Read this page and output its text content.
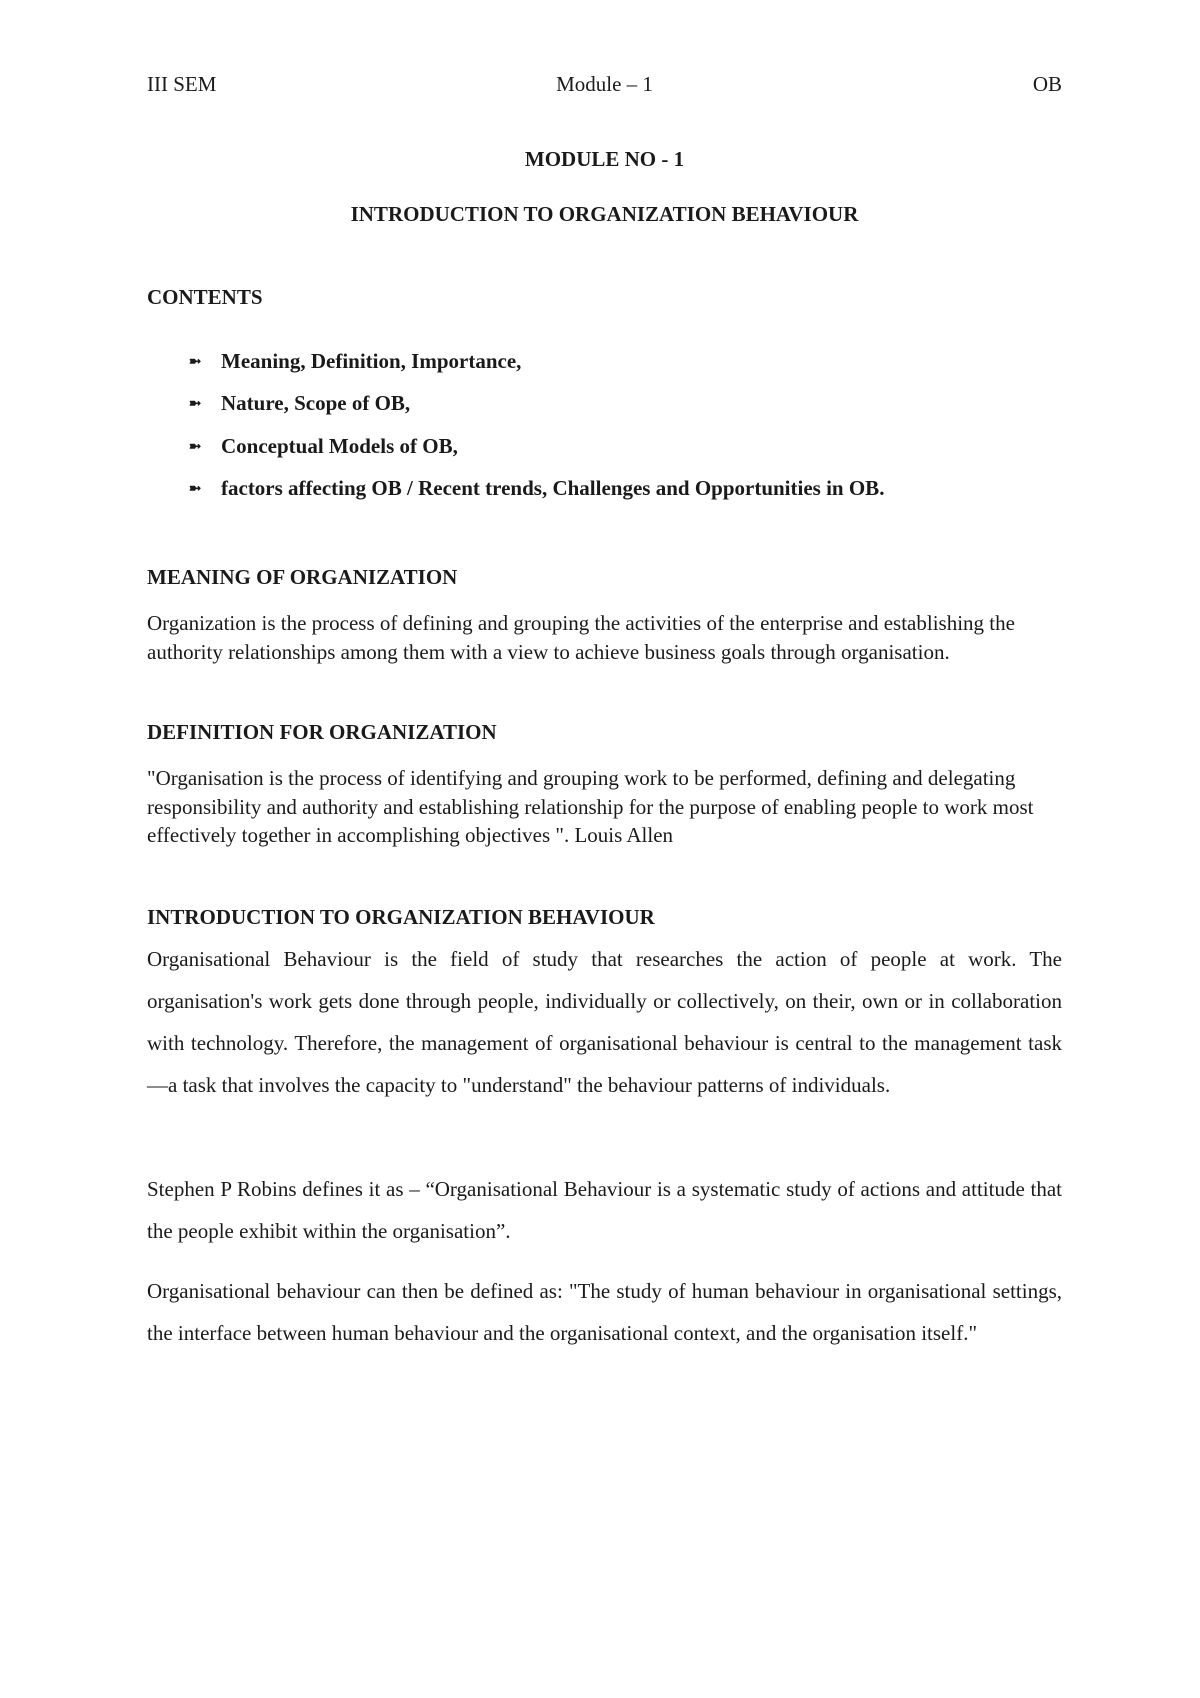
III SEM	Module – 1	OB
MODULE NO - 1
INTRODUCTION TO ORGANIZATION BEHAVIOUR
CONTENTS
➼ Meaning, Definition, Importance,
➼ Nature, Scope of OB,
➼ Conceptual Models of OB,
➼ factors affecting OB / Recent trends, Challenges and Opportunities in OB.
MEANING OF ORGANIZATION

Organization is the process of defining and grouping the activities of the enterprise and establishing the authority relationships among them with a view to achieve business goals through organisation.

DEFINITION FOR ORGANIZATION

"Organisation is the process of identifying and grouping work to be performed, defining and delegating responsibility and authority and establishing relationship for the purpose of enabling people to work most effectively together in accomplishing objectives ". Louis Allen

INTRODUCTION TO ORGANIZATION BEHAVIOUR

Organisational Behaviour is the field of study that researches the action of people at work. The organisation's work gets done through people, individually or collectively, on their, own or in collaboration with technology. Therefore, the management of organisational behaviour is central to the management task—a task that involves the capacity to "understand" the behaviour patterns of individuals.

Stephen P Robins defines it as – “Organisational Behaviour is a systematic study of actions and attitude that the people exhibit within the organisation”.

Organisational behaviour can then be defined as: "The study of human behaviour in organisational settings, the interface between human behaviour and the organisational context, and the organisation itself."
